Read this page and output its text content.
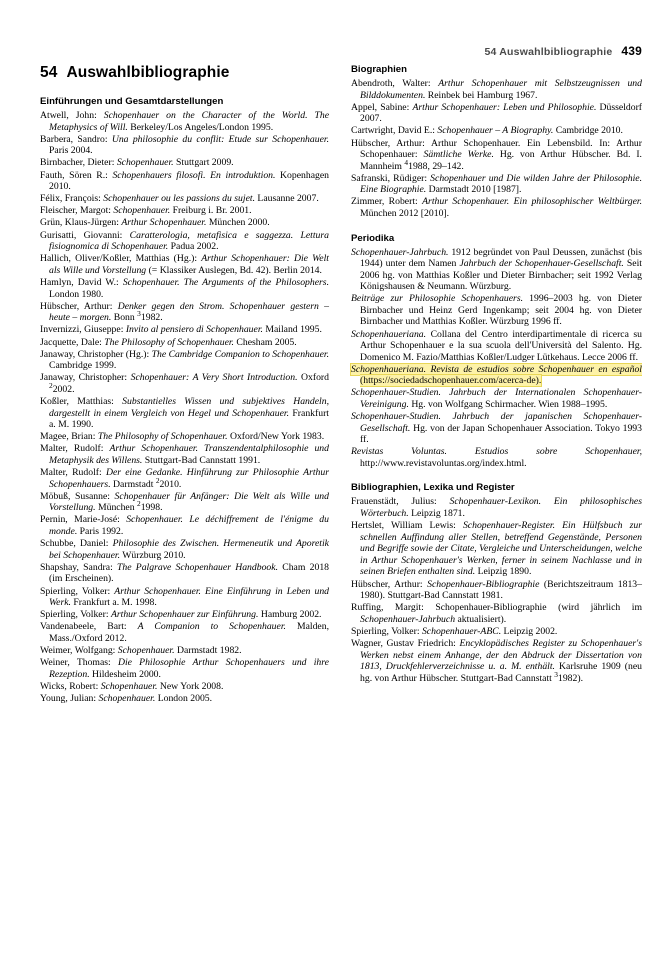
54 Auswahlbibliographie 439
54 Auswahlbibliographie
Einführungen und Gesamtdarstellungen

Atwell, John: Schopenhauer on the Character of the World. The Metaphysics of Will. Berkeley/Los Angeles/London 1995.

Barbera, Sandro: Una philosophie du conflit: Etude sur Schopenhauer. Paris 2004.

Birnbacher, Dieter: Schopenhauer. Stuttgart 2009.

Fauth, Sören R.: Schopenhauers filosofi. En introduktion. Kopenhagen 2010.

Félix, François: Schopenhauer ou les passions du sujet. Lausanne 2007.

Fleischer, Margot: Schopenhauer. Freiburg i. Br. 2001.

Grün, Klaus-Jürgen: Arthur Schopenhauer. München 2000.

Gurisatti, Giovanni: Caratterologia, metafisica e saggezza. Lettura fisiognomica di Schopenhauer. Padua 2002.

Hallich, Oliver/Koßler, Matthias (Hg.): Arthur Schopenhauer: Die Welt als Wille und Vorstellung (= Klassiker Auslegen, Bd. 42). Berlin 2014.

Hamlyn, David W.: Schopenhauer. The Arguments of the Philosophers. London 1980.

Hübscher, Arthur: Denker gegen den Strom. Schopenhauer gestern – heute – morgen. Bonn $^3$1982.

Invernizzi, Giuseppe: Invito al pensiero di Schopenhauer. Mailand 1995.

Jacquette, Dale: The Philosophy of Schopenhauer. Chesham 2005.

Janaway, Christopher (Hg.): The Cambridge Companion to Schopenhauer. Cambridge 1999.

Janaway, Christopher: Schopenhauer: A Very Short Introduction. Oxford $^2$2002.

Koßler, Matthias: Substantielles Wissen und subjektives Handeln, dargestellt in einem Vergleich von Hegel und Schopenhauer. Frankfurt a. M. 1990.

Magee, Brian: The Philosophy of Schopenhauer. Oxford/New York 1983.

Malter, Rudolf: Arthur Schopenhauer. Transzendentalphilosophie und Metaphysik des Willens. Stuttgart-Bad Cannstatt 1991.

Malter, Rudolf: Der eine Gedanke. Hinführung zur Philosophie Arthur Schopenhauers. Darmstadt $^2$2010.

Möbuß, Susanne: Schopenhauer für Anfänger: Die Welt als Wille und Vorstellung. München $^2$1998.

Pernin, Marie-José: Schopenhauer. Le déchiffrement de l'énigme du monde. Paris 1992.

Schubbe, Daniel: Philosophie des Zwischen. Hermeneutik und Aporetik bei Schopenhauer. Würzburg 2010.

Shapshay, Sandra: The Palgrave Schopenhauer Handbook. Cham 2018 (im Erscheinen).

Spierling, Volker: Arthur Schopenhauer. Eine Einführung in Leben und Werk. Frankfurt a. M. 1998.

Spierling, Volker: Arthur Schopenhauer zur Einführung. Hamburg 2002.

Vandenabeele, Bart: A Companion to Schopenhauer. Malden, Mass./Oxford 2012.

Weimer, Wolfgang: Schopenhauer. Darmstadt 1982.

Weiner, Thomas: Die Philosophie Arthur Schopenhauers und ihre Rezeption. Hildesheim 2000.

Wicks, Robert: Schopenhauer. New York 2008.

Young, Julian: Schopenhauer. London 2005.

Biographien

Abendroth, Walter: Arthur Schopenhauer mit Selbstzeugnissen und Bilddokumenten. Reinbek bei Hamburg 1967.

Appel, Sabine: Arthur Schopenhauer: Leben und Philosophie. Düsseldorf 2007.

Cartwright, David E.: Schopenhauer – A Biography. Cambridge 2010.

Hübscher, Arthur: Arthur Schopenhauer. Ein Lebensbild. In: Arthur Schopenhauer: Sämtliche Werke. Hg. von Arthur Hübscher. Bd. I. Mannheim $^4$1988, 29–142.

Safranski, Rüdiger: Schopenhauer und Die wilden Jahre der Philosophie. Eine Biographie. Darmstadt 2010 [1987].

Zimmer, Robert: Arthur Schopenhauer. Ein philosophischer Weltbürger. München 2012 [2010].

Periodika

Schopenhauer-Jahrbuch. 1912 begründet von Paul Deussen, zunächst (bis 1944) unter dem Namen Jahrbuch der Schopenhauer-Gesellschaft. Seit 2006 hg. von Matthias Koßler und Dieter Birnbacher; seit 1992 Verlag Königshausen & Neumann. Würzburg.

Beiträge zur Philosophie Schopenhauers. 1996–2003 hg. von Dieter Birnbacher und Heinz Gerd Ingenkamp; seit 2004 hg. von Dieter Birnbacher und Matthias Koßler. Würzburg 1996 ff.

Schopenhaueriana. Collana del Centro interdipartimentale di ricerca su Arthur Schopenhauer e la sua scuola dell'Università del Salento. Hg. Domenico M. Fazio/Matthias Koßler/Ludger Lütkehaus. Lecce 2006 ff.

Schopenhaueriana. Revista de estudios sobre Schopenhauer en español (https://sociedadschopenhauer.com/acerca-de).

Schopenhauer-Studien. Jahrbuch der Internationalen Schopenhauer-Vereinigung. Hg. von Wolfgang Schirmacher. Wien 1988–1995.

Schopenhauer-Studien. Jahrbuch der japanischen Schopenhauer-Gesellschaft. Hg. von der Japan Schopenhauer Association. Tokyo 1993 ff.

Revistas Voluntas. Estudios sobre Schopenhauer, http://www.revistavoluntas.org/index.html.

Bibliographien, Lexika und Register

Frauenstädt, Julius: Schopenhauer-Lexikon. Ein philosophisches Wörterbuch. Leipzig 1871.

Hertslet, William Lewis: Schopenhauer-Register. Ein Hülfsbuch zur schnellen Auffindung aller Stellen, betreffend Gegenstände, Personen und Begriffe sowie der Citate, Vergleiche und Unterscheidungen, welche in Arthur Schopenhauer's Werken, ferner in seinem Nachlasse und in seinen Briefen enthalten sind. Leipzig 1890.

Hübscher, Arthur: Schopenhauer-Bibliographie (Berichtszeitraum 1813–1980). Stuttgart-Bad Cannstatt 1981.

Ruffing, Margit: Schopenhauer-Bibliographie (wird jährlich im Schopenhauer-Jahrbuch aktualisiert).

Spierling, Volker: Schopenhauer-ABC. Leipzig 2002.

Wagner, Gustav Friedrich: Encyklopädisches Register zu Schopenhauer's Werken nebst einem Anhange, der den Abdruck der Dissertation von 1813, Druckfehlerverzeichnisse u. a. M. enthält. Karlsruhe 1909 (neu hg. von Arthur Hübscher. Stuttgart-Bad Cannstatt $^3$1982).
